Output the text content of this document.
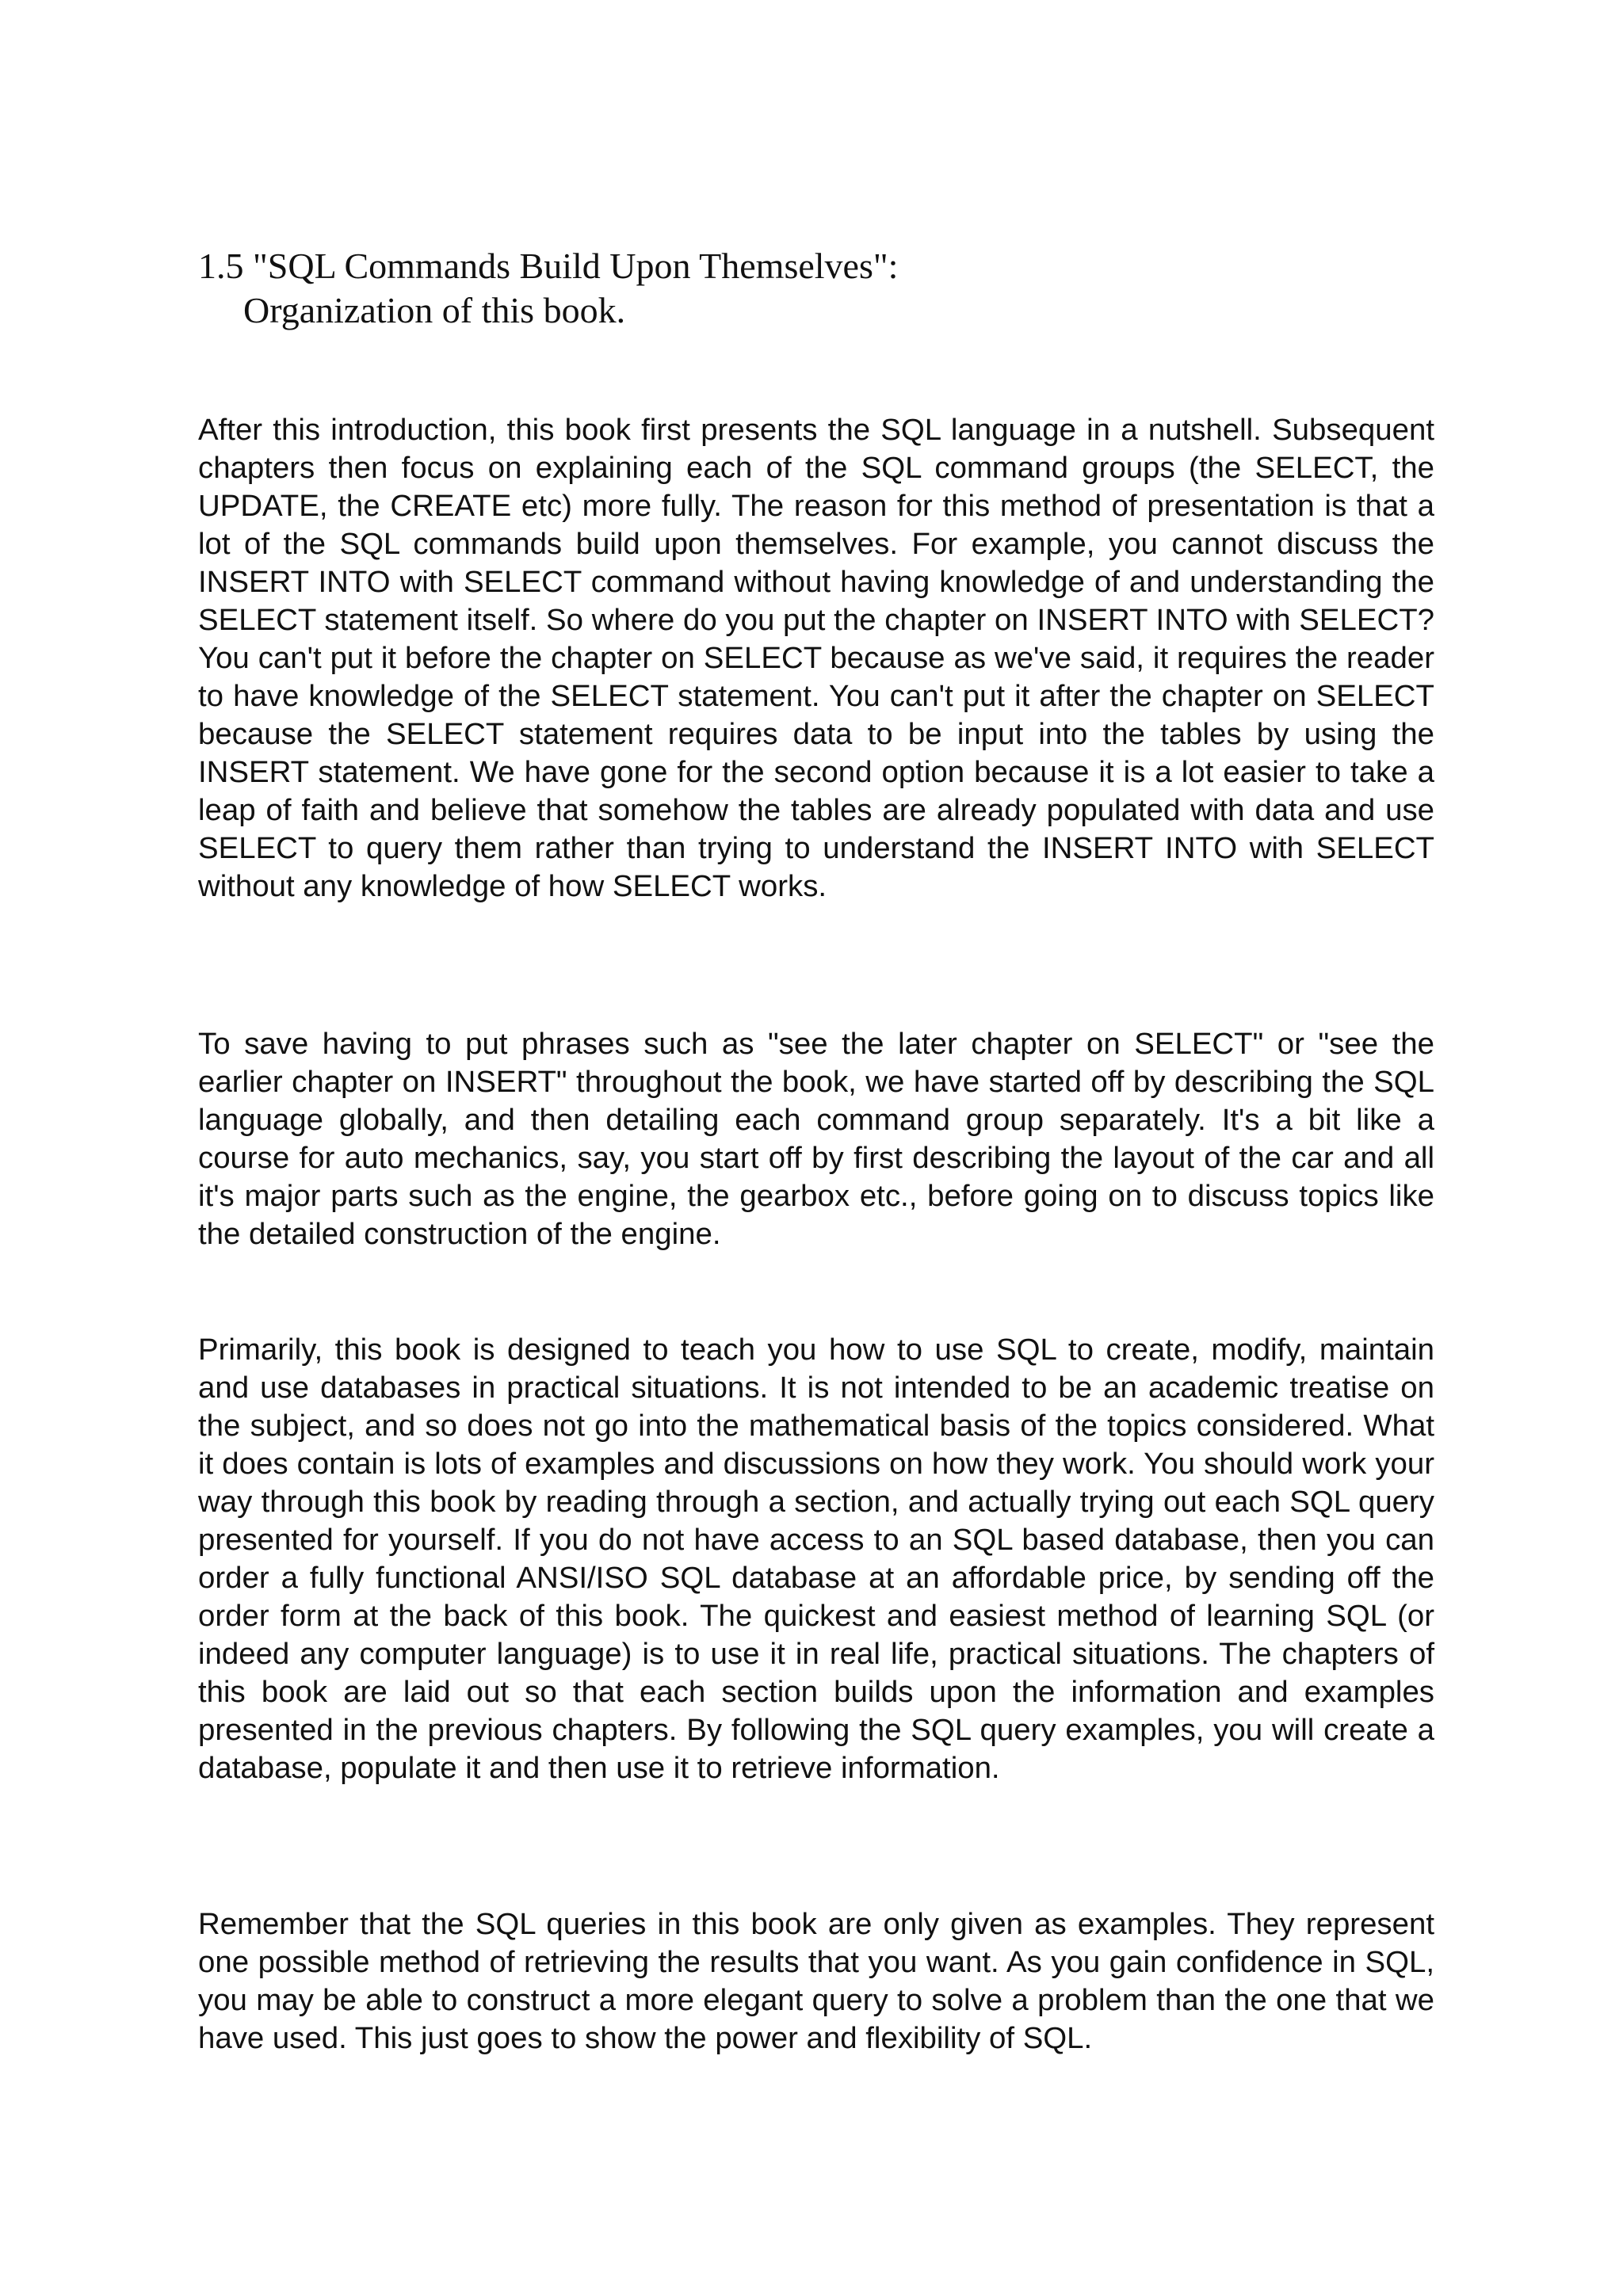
1.5 "SQL Commands Build Upon Themselves":
Organization of this book.

After this introduction, this book first presents the SQL language in a nutshell. Subsequent chapters then focus on explaining each of the SQL command groups (the SELECT, the UPDATE, the CREATE etc) more fully. The reason for this method of presentation is that a lot of the SQL commands build upon themselves. For example, you cannot discuss the INSERT INTO with SELECT command without having knowledge of and understanding the SELECT statement itself. So where do you put the chapter on INSERT INTO with SELECT? You can't put it before the chapter on SELECT because as we've said, it requires the reader to have knowledge of the SELECT statement. You can't put it after the chapter on SELECT because the SELECT statement requires data to be input into the tables by using the INSERT statement. We have gone for the second option because it is a lot easier to take a leap of faith and believe that somehow the tables are already populated with data and use SELECT to query them rather than trying to understand the INSERT INTO with SELECT without any knowledge of how SELECT works.

To save having to put phrases such as "see the later chapter on SELECT" or "see the earlier chapter on INSERT" throughout the book, we have started off by describing the SQL language globally, and then detailing each command group separately. It's a bit like a course for auto mechanics, say, you start off by first describing the layout of the car and all it's major parts such as the engine, the gearbox etc., before going on to discuss topics like the detailed construction of the engine.

Primarily, this book is designed to teach you how to use SQL to create, modify, maintain and use databases in practical situations. It is not intended to be an academic treatise on the subject, and so does not go into the mathematical basis of the topics considered. What it does contain is lots of examples and discussions on how they work. You should work your way through this book by reading through a section, and actually trying out each SQL query presented for yourself. If you do not have access to an SQL based database, then you can order a fully functional ANSI/ISO SQL database at an affordable price, by sending off the order form at the back of this book. The quickest and easiest method of learning SQL (or indeed any computer language) is to use it in real life, practical situations. The chapters of this book are laid out so that each section builds upon the information and examples presented in the previous chapters. By following the SQL query examples, you will create a database, populate it and then use it to retrieve information.

Remember that the SQL queries in this book are only given as examples. They represent one possible method of retrieving the results that you want. As you gain confidence in SQL, you may be able to construct a more elegant query to solve a problem than the one that we have used. This just goes to show the power and flexibility of SQL.
